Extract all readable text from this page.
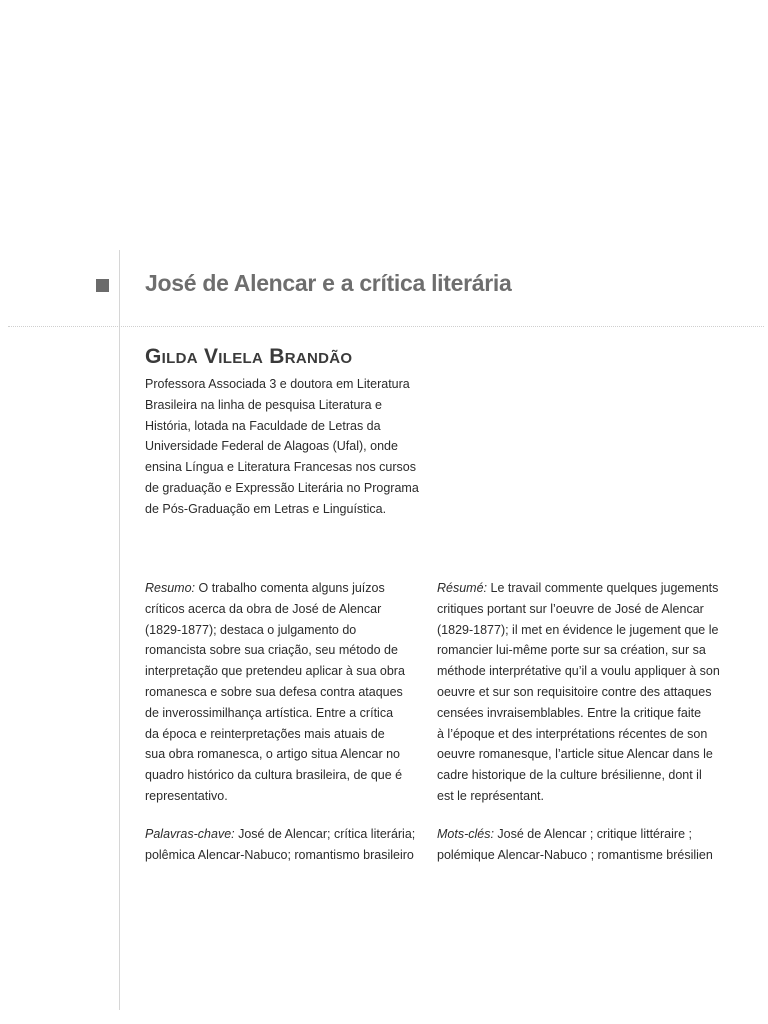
José de Alencar e a crítica literária
Gilda Vilela Brandão
Professora Associada 3 e doutora em Literatura
Brasileira na linha de pesquisa Literatura e
História, lotada na Faculdade de Letras da
Universidade Federal de Alagoas (Ufal), onde
ensina Língua e Literatura Francesas nos cursos
de graduação e Expressão Literária no Programa
de Pós-Graduação em Letras e Linguística.
Resumo: O trabalho comenta alguns juízos
críticos acerca da obra de José de Alencar
(1829-1877); destaca o julgamento do
romancista sobre sua criação, seu método de
interpretação que pretendeu aplicar à sua obra
romanesca e sobre sua defesa contra ataques
de inverossimilhança artística. Entre a crítica
da época e reinterpretações mais atuais de
sua obra romanesca, o artigo situa Alencar no
quadro histórico da cultura brasileira, de que é
representativo.
Résumé: Le travail commente quelques jugements
critiques portant sur l’oeuvre de José de Alencar
(1829-1877); il met en évidence le jugement que le
romancier lui-même porte sur sa création, sur sa
méthode interprétative qu’il a voulu appliquer à son
oeuvre et sur son requisitoire contre des attaques
censées invraisemblables. Entre la critique faite
à l’époque et des interprétations récentes de son
oeuvre romanesque, l’article situe Alencar dans le
cadre historique de la culture brésilienne, dont il
est le représentant.
Palavras-chave: José de Alencar; crítica literária;
polêmica Alencar-Nabuco; romantismo brasileiro
Mots-clés: José de Alencar ; critique littéraire ;
polémique Alencar-Nabuco ; romantisme brésilien
